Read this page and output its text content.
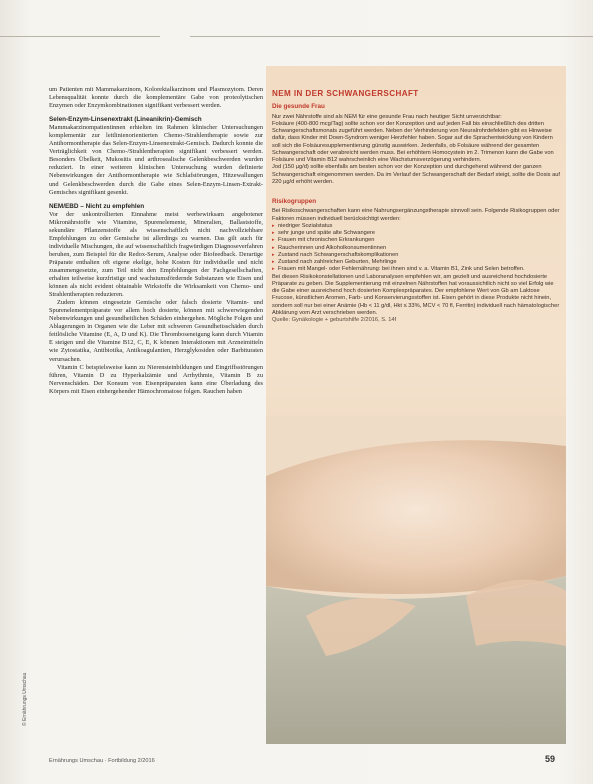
um Patienten mit Mammakarzinom, Kolorektalkarzinom und Plasmozytom. Deren Lebensqualität konnte durch die komplementäre Gabe von proteolytischen Enzymen oder Enzymkombinationen signifikant verbessert werden.

Selen-Enzym-Linsenextrakt (Lineanikrin)-Gemisch

Mammakarzinompatientinnen erhielten im Rahmen klinischer Untersuchungen komplementär zur leitlinienorientierten Chemo-/Strahlentherapie sowie zur Antihormontherapie das Selen-Enzym-Linsenextrakt-Gemisch. Dadurch konnte die Verträglichkeit von Chemo-/Strahlentherapien signifikant verbessert werden. Besonders Übelkeit, Mukositis und arthrosealische Gelenkbeschwerden wurden reduziert. In einer weiteren klinischen Untersuchung wurden definierte Nebenwirkungen der Antihormontherapie wie Schlafstörungen, Hitzewallungen und Gelenkbeschwerden durch die Gabe eines Selen-Enzym-Linsen-Extrakt-Gemisches signifikant gesenkt.

NEM/EBD – Nicht zu empfehlen

Vor der unkontrollierten Einnahme meist werbewirksam angebotener Mikronährstoffe wie Vitamine, Spurenelemente, Mineralien, Ballaststoffe, sekundäre Pflanzenstoffe als wissenschaftlich nicht nachvollziehbare Empfehlungen zu oder Gemische ist allerdings zu warnen. Das gilt auch für individuelle Mischungen, die auf wissenschaftlich fragwürdigen Diagnoseverfahren beruhen, zum Beispiel für die Redox-Serum, Analyse oder Biofeedback. Derartige Präparate enthalten oft eigene ekelige, hohe Kosten für individuelle und nicht zusammengesetzte, zum Teil nicht den Empfehlungen der Fachgesellschaften, erhalten teilweise kurzfristige und wachstumsfördernde Substanzen wie Eisen und können als nicht evident obtainable Wirkstoffe die Wirksamkeit von Chemo- und Strahlentherapien reduzieren.

Zudem können eingesetzte Gemische oder falsch dosierte Vitamin- und Spurenelementpräparate vor allem hoch dosierte, können mit schwerwiegenden Nebenwirkungen und gesundheitlichen Schäden einhergehen. Mögliche Folgen und Ablagerungen in Organen wie die Leber mit schweren Gesundheitsschäden durch fettlösliche Vitamine (E, A, D und K). Die Thromboseneigung kann durch Vitamin E steigen und die Vitamine B12, C, E, K können Interaktionen mit Arzneimitteln wie Zytostatika, Antibiotika, Antikoagulantien, Herzglykosiden oder Barbituraten verursachen.

Vitamin C beispielsweise kann zu Nierensteinbildungen und Eingriffsstörungen führen, Vitamin D zu Hyperkalzämie und Arrhythmie, Vitamin B zu Nervenschäden. Der Konsum von Eisenpräparaten kann eine Überladung des Körpers mit Eisen einhergehender Hämochromatose folgen. Rauchen haben

© Ernährungs Umschau
NEM IN DER SCHWANGERSCHAFT
Die gesunde Frau

Nur zwei Nährstoffe sind als NEM für eine gesunde Frau nach heutiger Sicht unverzichtbar:

Folsäure (400-800 mcg/Tag) sollte schon vor der Konzeption und auf jeden Fall bis einschließlich des dritten Schwangerschaftsmonats zugeführt werden. Neben der Verhinderung von Neuralrohrdefekten gibt es Hinweise dafür, dass Kinder mit Down-Syndrom weniger Herzfehler haben. Sogar auf die Sprachentwicklung von Kindern soll sich die Folsäuresupplementierung günstig auswirken. Jedenfalls, ob Folsäure während der gesamten Schwangerschaft oder verabreicht werden muss. Bei erhöhtem Homocystein im 2. Trimenon kann die Gabe von Folsäure und Vitamin B12 wahrscheinlich eine Wachstumsverzögerung verhindern.

Jod (150 µg/d) sollte ebenfalls am besten schon vor der Konzeption und durchgehend während der ganzen Schwangerschaft eingenommen werden. Da im Verlauf der Schwangerschaft der Bedarf steigt, sollte die Dosis auf 220 µg/d erhöht werden.

Risikogruppen

Bei Risikoschwangerschaften kann eine Nahrungsergänzungstherapie sinnvoll sein. Folgende Risikogruppen oder Faktoren müssen individuell berücksichtigt werden:

▸ niedriger Sozialstatus
▸ sehr junge und späte alte Schwangere
▸ Frauen mit chronischen Erkrankungen
▸ Raucherinnen und Alkoholkonsumentinnen
▸ Zustand nach Schwangerschaftskomplikationen
▸ Zustand nach zahlreichen Geburten, Mehrlinge
▸ Frauen mit Mangel- oder Fehlernährung: bei ihnen sind v. a. Vitamin B1, Zink und Selen betroffen.

Bei diesen Risikokonstellationen und Laboranalysen empfehlen wir, am gezielt und ausreichend hochdosierte Präparate zu geben. Die Supplementierung mit einzelnen Nährstoffen hat voraussichtlich nicht so viel Erfolg wie die Gabe einer ausreichend hoch dosierten Komplexpräparates. Der empfohlene Wert von Gb am Laktose Frucose, künstlichen Aromen, Farb- und Konservierungsstoffen ist. Eisen gehört in diese Produkte nicht hinein, sondern soll nur bei einer Anämie (Hb < 11 g/dl, Hkt ≤ 33%, MCV < 70 fl, Ferritin) individuell nach hämatologischer Abklärung vom Arzt verschrieben werden.

Quelle: Gynäkologie + geburtshilfe 2/2016, S. 14f

Ernährungs Umschau · Fortbildung 2/2016	59
